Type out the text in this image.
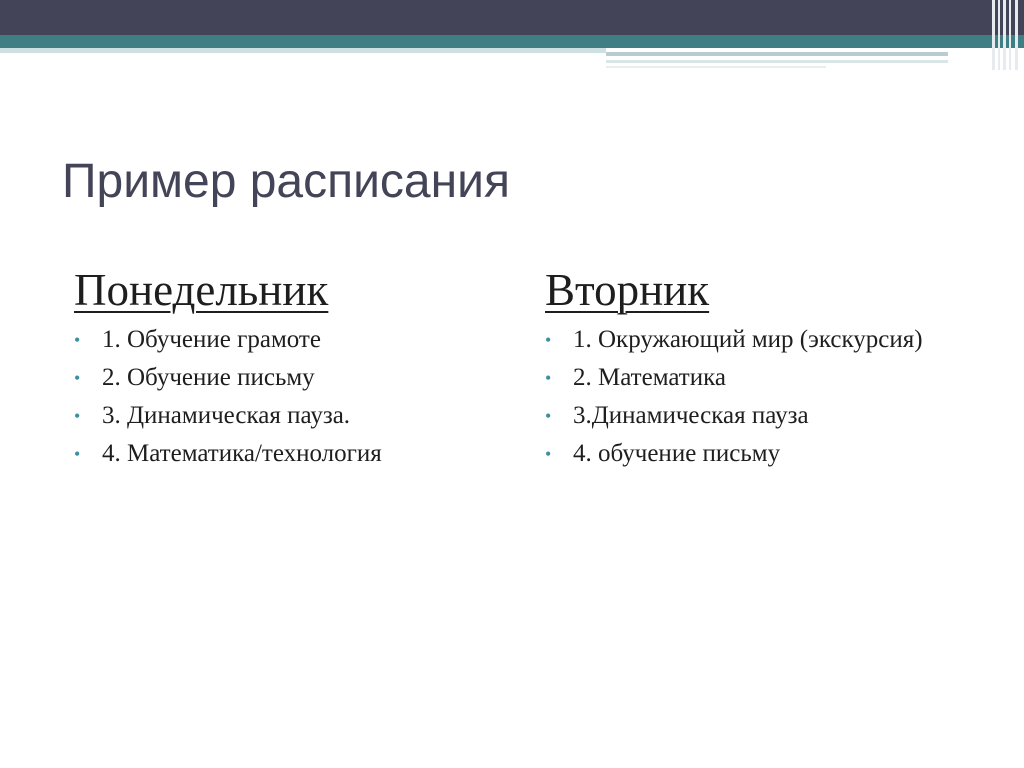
Пример расписания
Понедельник
• 1. Обучение грамоте
• 2. Обучение письму
• 3. Динамическая пауза.
• 4. Математика/технология
Вторник
• 1. Окружающий мир (экскурсия)
• 2. Математика
• 3.Динамическая пауза
• 4. обучение письму
